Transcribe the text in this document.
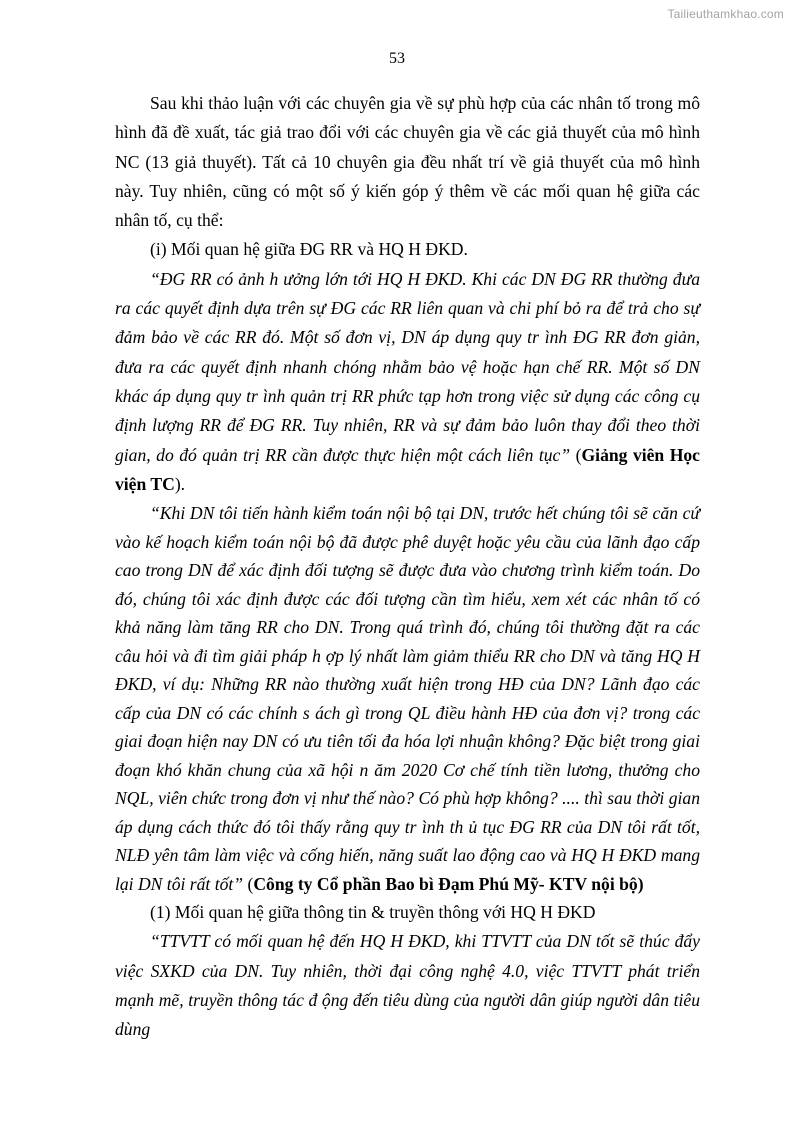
Tailieuthamkhao.com
53

Sau khi thảo luận với các chuyên gia về sự phù hợp của các nhân tố trong mô hình đã đề xuất, tác giả trao đổi với các chuyên gia về các giả thuyết của mô hình NC (13 giả thuyết). Tất cả 10 chuyên gia đều nhất trí về giả thuyết của mô hình này. Tuy nhiên, cũng có một số ý kiến góp ý thêm về các mối quan hệ giữa các nhân tố, cụ thể:

(i) Mối quan hệ giữa ĐG RR và HQ H ĐKD.

“ĐG RR có ảnh h ưởng lớn tới HQ H ĐKD. Khi các DN ĐG RR thường đưa ra các quyết định dựa trên sự ĐG các RR liên quan và chi phí bỏ ra để trả cho sự đảm bảo về các RR đó. Một số đơn vị, DN áp dụng quy tr ình ĐG RR đơn giản, đưa ra các quyết định nhanh chóng nhằm bảo vệ hoặc hạn chế RR. Một số DN khác áp dụng quy tr ình quản trị RR phức tạp hơn trong việc sử dụng các công cụ định lượng RR để ĐG RR. Tuy nhiên, RR và sự đảm bảo luôn thay đổi theo thời gian, do đó quản trị RR cần được thực hiện một cách liên tục” (Giảng viên Học viện TC).

“Khi DN tôi tiến hành kiểm toán nội bộ tại DN, trước hết chúng tôi sẽ căn cứ vào kế hoạch kiểm toán nội bộ đã được phê duyệt hoặc yêu cầu của lãnh đạo cấp cao trong DN để xác định đối tượng sẽ được đưa vào chương trình kiểm toán. Do đó, chúng tôi xác định được các đối tượng cần tìm hiểu, xem xét các nhân tố có khả năng làm tăng RR cho DN. Trong quá trình đó, chúng tôi thường đặt ra các câu hỏi và đi tìm giải pháp h ợp lý nhất làm giảm thiểu RR cho DN và tăng HQ H ĐKD, ví dụ: Những RR nào thường xuất hiện trong HĐ của DN? Lãnh đạo các cấp của DN có các chính s ách gì trong QL điều hành HĐ của đơn vị? trong các giai đoạn hiện nay DN có ưu tiên tối đa hóa lợi nhuận không? Đặc biệt trong giai đoạn khó khăn chung của xã hội n ăm 2020 Cơ chế tính tiền lương, thưởng cho NQL, viên chức trong đơn vị như thế nào? Có phù hợp không? .... thì sau thời gian áp dụng cách thức đó tôi thấy rằng quy tr ình th ủ tục ĐG RR của DN tôi rất tốt, NLĐ yên tâm làm việc và cống hiến, năng suất lao động cao và HQ H ĐKD mang lại DN tôi rất tốt” (Công ty Cổ phần Bao bì Đạm Phú Mỹ- KTV nội bộ)

(1) Mối quan hệ giữa thông tin & truyền thông với HQ H ĐKD

“TTVTT có mối quan hệ đến HQ H ĐKD, khi TTVTT của DN tốt sẽ thúc đẩy việc SXKD của DN. Tuy nhiên, thời đại công nghệ 4.0, việc TTVTT phát triển mạnh mẽ, truyền thông tác đ ộng đến tiêu dùng của người dân giúp người dân tiêu dùng
